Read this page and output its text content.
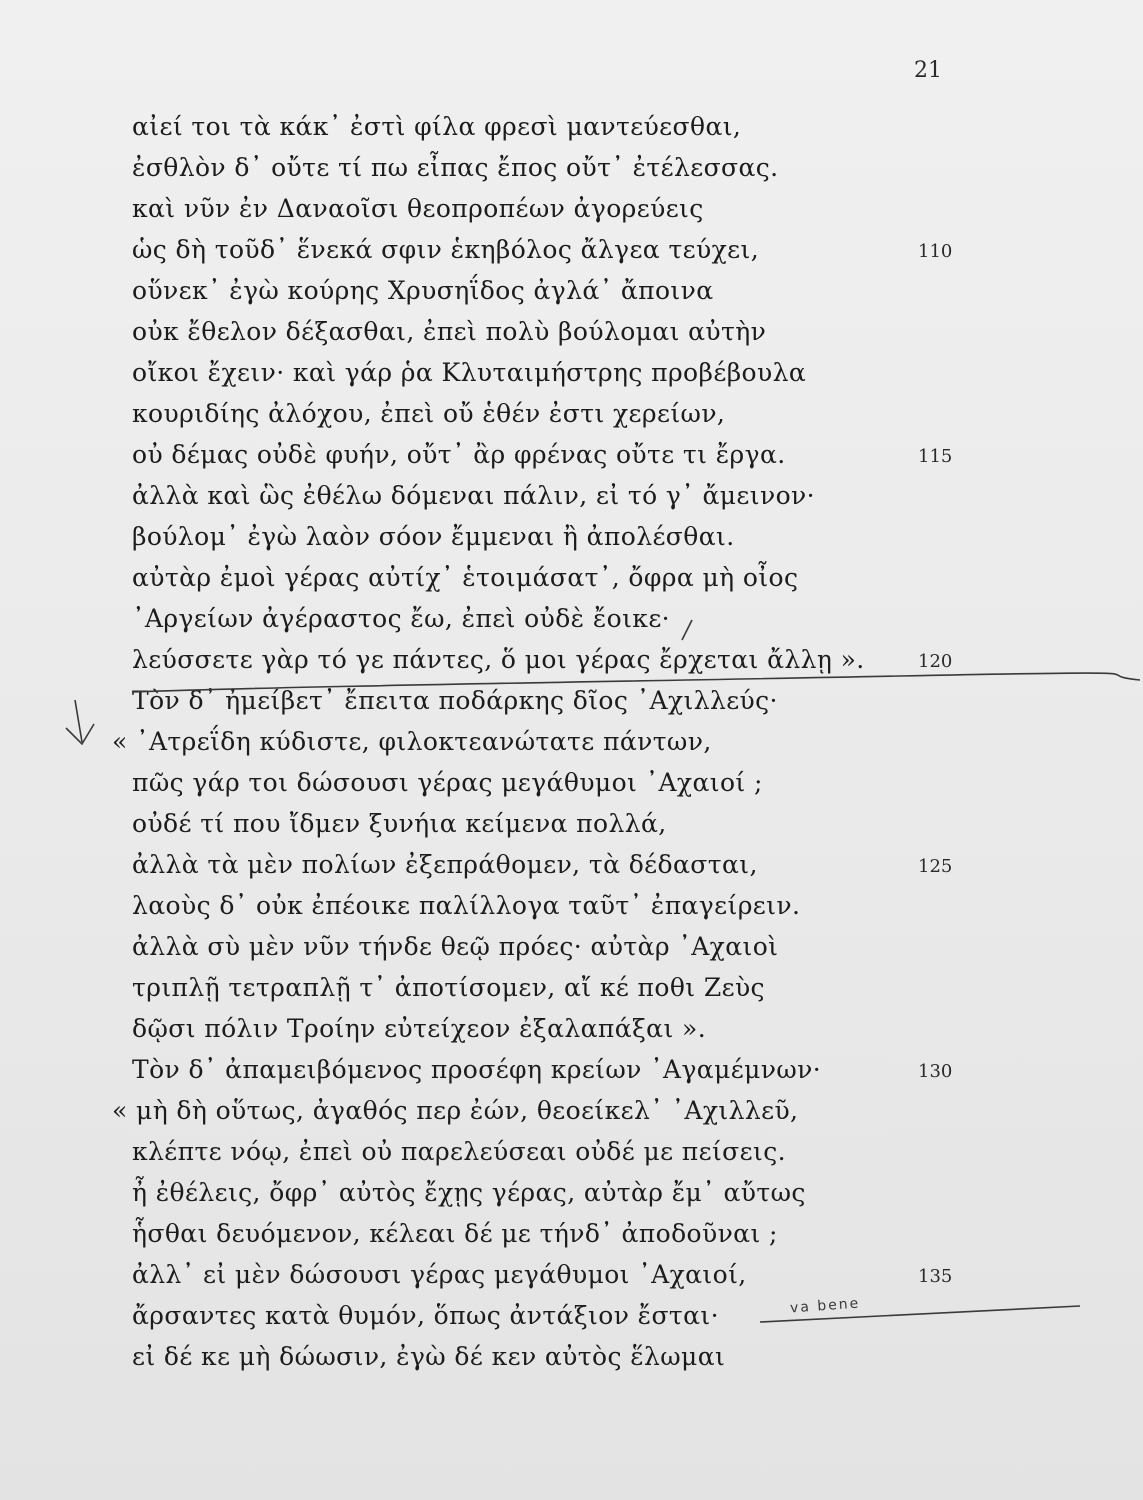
21
αἰεί τοι τὰ κάκ᾽ ἐστὶ φίλα φρεσὶ μαντεύεσθαι,
ἐσθλὸν δ᾽ οὔτε τί πω εἶπας ἔπος οὔτ᾽ ἐτέλεσσας.
καὶ νῦν ἐν Δαναοῖσι θεοπροπέων ἀγορεύεις
ὡς δὴ τοῦδ᾽ ἕνεκά σφιν ἑκηβόλος ἄλγεα τεύχει,
οὕνεκ᾽ ἐγὼ κούρης Χρυσηΐδος ἀγλά᾽ ἄποινα
οὐκ ἔθελον δέξασθαι, ἐπεὶ πολὺ βούλομαι αὐτὴν
οἴκοι ἔχειν· καὶ γάρ ῥα Κλυταιμήστρης προβέβουλα
κουριδίης ἀλόχου, ἐπεὶ οὔ ἑθέν ἐστι χερείων,
οὐ δέμας οὐδὲ φυήν, οὔτ᾽ ἂρ φρένας οὔτε τι ἔργα.
ἀλλὰ καὶ ὣς ἐθέλω δόμεναι πάλιν, εἰ τό γ᾽ ἄμεινον·
βούλομ᾽ ἐγὼ λαὸν σόον ἔμμεναι ἢ ἀπολέσθαι.
αὐτὰρ ἐμοὶ γέρας αὐτίχ᾽ ἑτοιμάσατ᾽, ὄφρα μὴ οἶος
᾽Αργείων ἀγέραστος ἔω, ἐπεὶ οὐδὲ ἔοικε·
λεύσσετε γὰρ τό γε πάντες, ὅ μοι γέρας ἔρχεται ἄλλῃ ».
Τὸν δ᾽ ἠμείβετ᾽ ἔπειτα ποδάρκης δῖος ᾽Αχιλλεύς·
« ᾽Ατρεΐδη κύδιστε, φιλοκτεανώτατε πάντων,
πῶς γάρ τοι δώσουσι γέρας μεγάθυμοι ᾽Αχαιοί ;
οὐδέ τί που ἴδμεν ξυνήια κείμενα πολλά,
ἀλλὰ τὰ μὲν πολίων ἐξεπράθομεν, τὰ δέδασται,
λαοὺς δ᾽ οὐκ ἐπέοικε παλίλλογα ταῦτ᾽ ἐπαγείρειν.
ἀλλὰ σὺ μὲν νῦν τήνδε θεῷ πρόες· αὐτὰρ ᾽Αχαιοὶ
τριπλῇ τετραπλῇ τ᾽ ἀποτίσομεν, αἴ κέ ποθι Ζεὺς
δῷσι πόλιν Τροίην εὐτείχεον ἐξαλαπάξαι ».
Τὸν δ᾽ ἀπαμειβόμενος προσέφη κρείων ᾽Αγαμέμνων·
« μὴ δὴ οὕτως, ἀγαθός περ ἐών, θεοείκελ᾽ ᾽Αχιλλεῦ,
κλέπτε νόῳ, ἐπεὶ οὐ παρελεύσεαι οὐδέ με πείσεις.
ἦ ἐθέλεις, ὄφρ᾽ αὐτὸς ἔχῃς γέρας, αὐτὰρ ἔμ᾽ αὔτως
ἧσθαι δευόμενον, κέλεαι δέ με τήνδ᾽ ἀποδοῦναι ;
ἀλλ᾽ εἰ μὲν δώσουσι γέρας μεγάθυμοι ᾽Αχαιοί,
ἄρσαντες κατὰ θυμόν, ὅπως ἀντάξιον ἔσται·
εἰ δέ κε μὴ δώωσιν, ἐγὼ δέ κεν αὐτὸς ἕλωμαι
110
115
120
125
130
135
va bene
